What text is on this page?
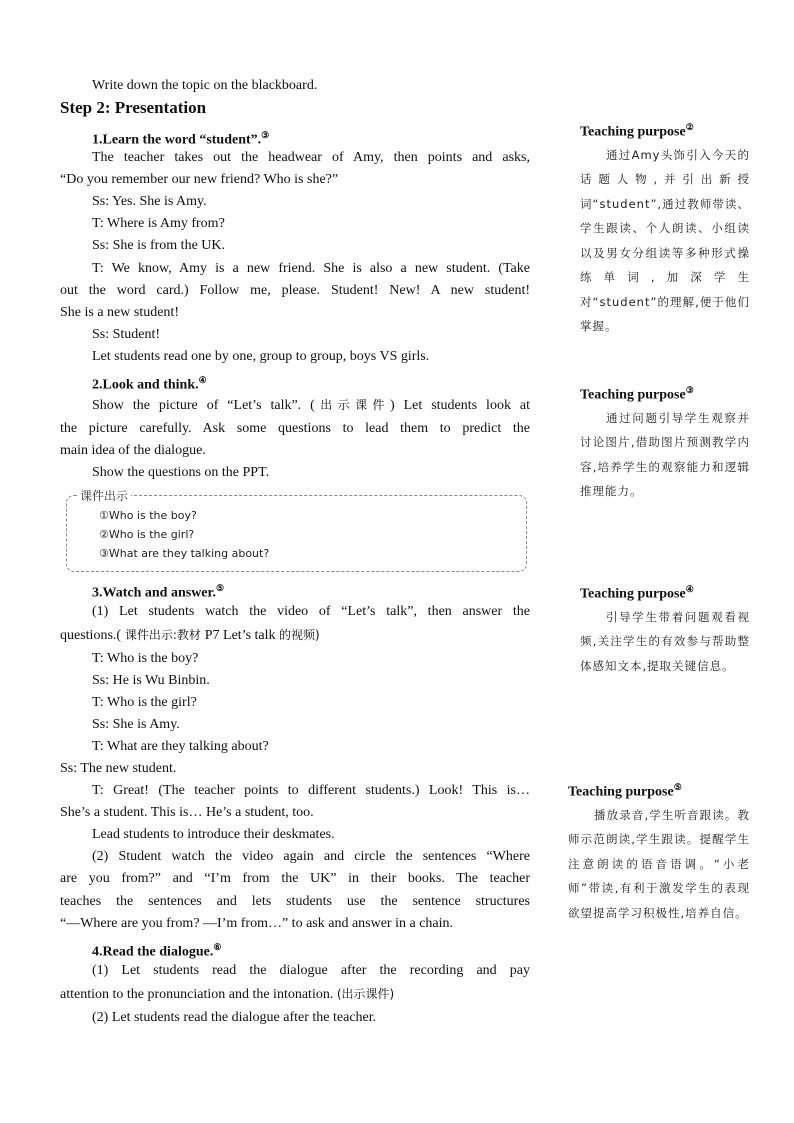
Write down the topic on the blackboard.
Step 2: Presentation
1.Learn the word “student”.③
The teacher takes out the headwear of Amy, then points and asks,
“Do you remember our new friend? Who is she?”
Ss: Yes. She is Amy.
T: Where is Amy from?
Ss: She is from the UK.
T: We know, Amy is a new friend. She is also a new student. (Take
out the word card.) Follow me, please. Student! New! A new student!
She is a new student!
Ss: Student!
Let students read one by one, group to group, boys VS girls.
2.Look and think.④
Show the picture of “Let’s talk”. (出示课件) Let students look at
the picture carefully. Ask some questions to lead them to predict the
main idea of the dialogue.
Show the questions on the PPT.
课件出示
①Who is the boy?
②Who is the girl?
③What are they talking about?
3.Watch and answer.⑤
(1) Let students watch the video of “Let’s talk”, then answer the
questions.( 课件出示:教材 P7 Let’s talk 的视频)
T: Who is the boy?
Ss: He is Wu Binbin.
T: Who is the girl?
Ss: She is Amy.
T: What are they talking about?
Ss: The new student.
T: Great! (The teacher points to different students.) Look! This is…
She’s a student. This is… He’s a student, too.
Lead students to introduce their deskmates.
(2) Student watch the video again and circle the sentences “Where
are you from?” and “I’m from the UK” in their books. The teacher
teaches the sentences and lets students use the sentence structures
“—Where are you from? —I’m from…” to ask and answer in a chain.
4.Read the dialogue.⑥
(1) Let students read the dialogue after the recording and pay
attention to the pronunciation and the intonation. (出示课件)
(2) Let students read the dialogue after the teacher.
Teaching purpose②
通过Amy头饰引入今天的话题人物,并引出新授词“student”,通过教师带读、学生跟读、个人朗读、小组读以及男女分组读等多种形式操练单词,加深学生对“student”的理解,便于他们掌握。
Teaching purpose③
通过问题引导学生观察并讨论图片,借助图片预测教学内容,培养学生的观察能力和逻辑推理能力。
Teaching purpose④
引导学生带着问题观看视频,关注学生的有效参与帮助整体感知文本,提取关键信息。
Teaching purpose⑤
播放录音,学生听音跟读。教师示范朗读,学生跟读。提醒学生注意朗读的语音语调。“小老师”带读,有利于激发学生的表现欲望提高学习积极性,培养自信。
